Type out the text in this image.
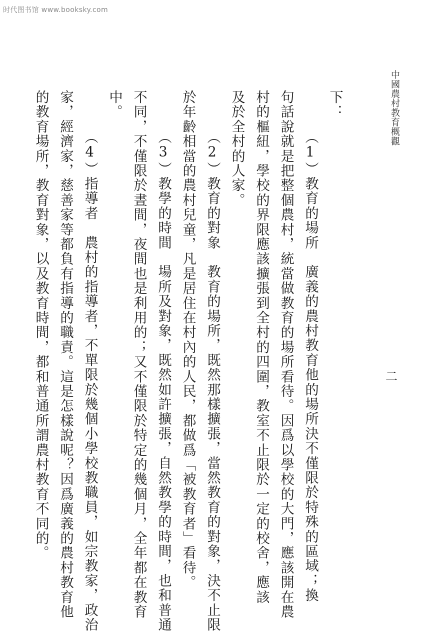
时代图书馆 www.booksky.com
中國農村教育概觀
二
下：
（1）教育的場所　廣義的農村教育他的場所決不僅限於特殊的區域；換
句話說就是把整個農村，統當做教育的場所看待。因爲以學校的大門，應該開在農
村的樞紐，學校的界限應該擴張到全村的四圍，教室不止限於一定的校舍，應該
及於全村的人家。
（2）教育的對象　教育的場所，既然那樣擴張，當然教育的對象，決不止限
於年齡相當的農村兒童，凡是居住在村內的人民，都做爲「被教育者」看待。
（3）教學的時間　場所及對象，既然如許擴張，自然教學的時間，也和普通
不同，不僅限於晝間，夜間也是利用的；又不僅限於特定的幾個月，全年都在教育
中。
（4）指導者　農村的指導者，不單限於幾個小學校教職員，如宗教家，政治
家，經濟家，慈善家等都負有指導的職責。這是怎樣說呢？因爲廣義的農村教育他
的教育場所，教育對象，以及教育時間，都和普通所謂農村教育不同的。
